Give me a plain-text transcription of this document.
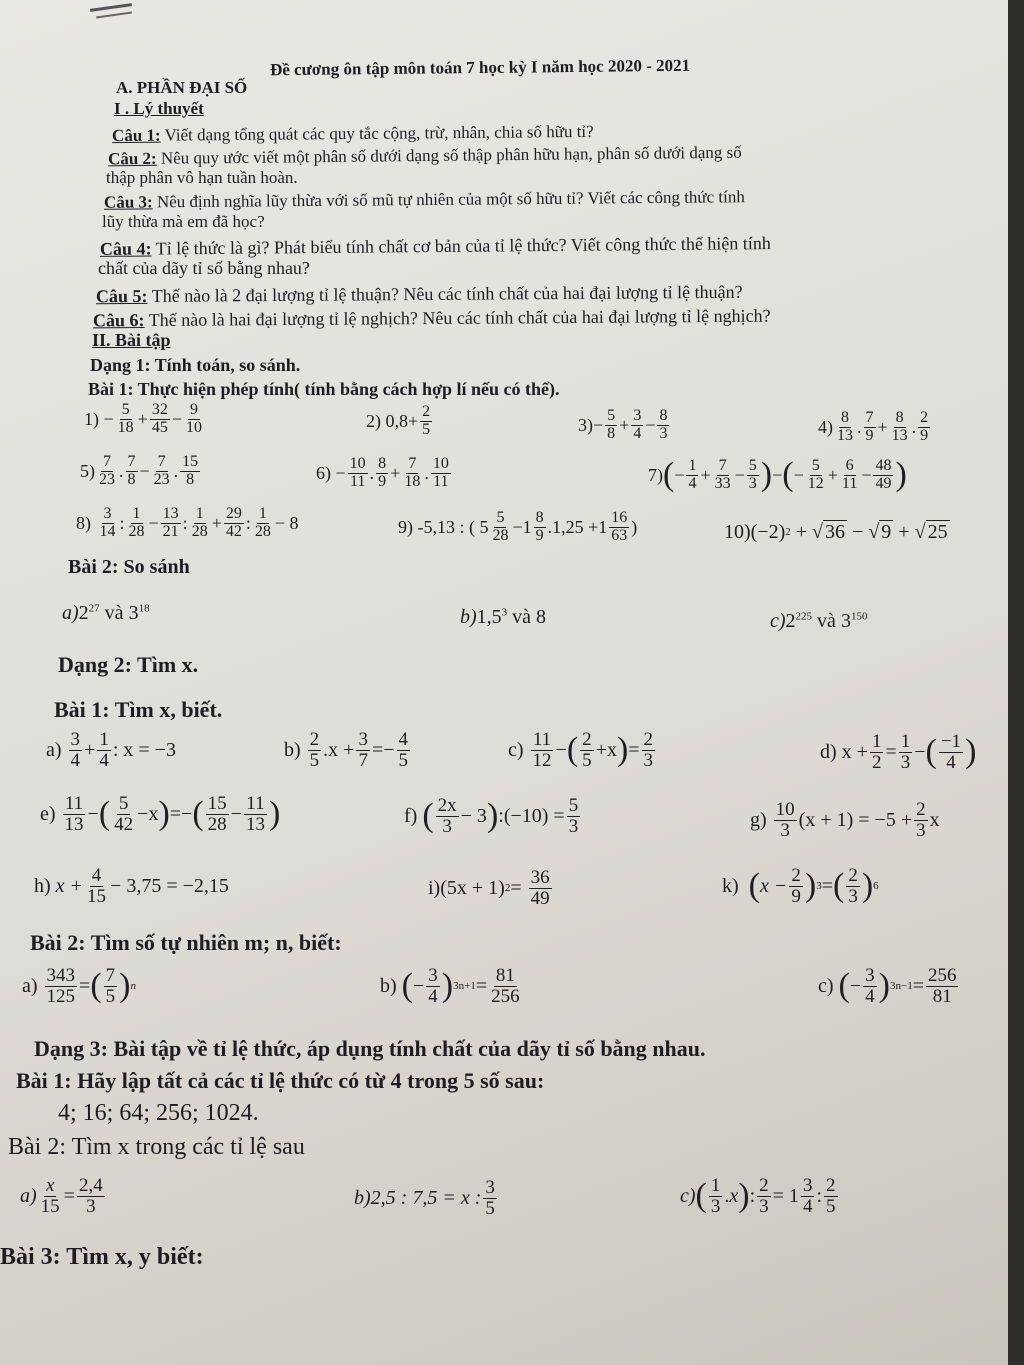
Đề cương ôn tập môn toán 7 học kỳ I năm học 2020 - 2021
A. PHẦN ĐẠI SỐ
I . Lý thuyết
Câu 1: Viết dạng tổng quát các quy tắc cộng, trừ, nhân, chia số hữu tỉ?
Câu 2: Nêu quy ước viết một phân số dưới dạng số thập phân hữu hạn, phân số dưới dạng số
thập phân vô hạn tuần hoàn.
Câu 3: Nêu định nghĩa lũy thừa với số mũ tự nhiên của một số hữu tỉ? Viết các công thức tính
lũy thừa mà em đã học?
Câu 4: Tỉ lệ thức là gì? Phát biểu tính chất cơ bản của tỉ lệ thức? Viết công thức thể hiện tính
chất của dãy tỉ số bằng nhau?
Câu 5: Thế nào là 2 đại lượng tỉ lệ thuận? Nêu các tính chất của hai đại lượng tỉ lệ thuận?
Câu 6: Thế nào là hai đại lượng tỉ lệ nghịch? Nêu các tính chất của hai đại lượng tỉ lệ nghịch?
II. Bài tập
Dạng 1: Tính toán, so sánh.
Bài 1: Thực hiện phép tính( tính bằng cách hợp lí nếu có thể).
1)
− $\frac{5}{18} + \frac{32}{45} - \frac{9}{10}$	2)
$0,8 + \frac{2}{5}$	$3) - \frac{5}{8} + \frac{3}{4} - \frac{8}{3}$	$4) \frac{8}{13}$ . $\frac{7}{9} + \frac{8}{13}$ . $\frac{2}{9}$
$5) \frac{7}{23}$ . $\frac{7}{8} - \frac{7}{23}$ . $\frac{15}{8}$	6)
− $\frac{10}{11}$ . $\frac{8}{9} + \frac{7}{18}$ . $\frac{10}{11}$	7) ( − $\frac{1}{4} + \frac{7}{33} - \frac{5}{3}$ ) − ( − $\frac{5}{12} + \frac{6}{11} - \frac{48}{49}$ )
8)
$\frac{3}{14}$ : $\frac{1}{28} - \frac{13}{21}$ : $\frac{1}{28} + \frac{29}{42}$ : $\frac{1}{28} - 8$	9) -5,13 : (
$5 \frac{5}{28} -1 \frac{8}{9} .1,25 +1 \frac{16}{63}$ )	10)(−2) 2
+
√ 36
−
√ 9
+
√ 25
Bài 2: So sánh
$a)2^{27}$ và $3^{18}$	$b)1,5^3$ và 8	$c)2^{225}$ và $3^{150}$
Dạng 2: Tìm x.
Bài 1: Tìm x, biết.
a)
$\frac{3}{4} + \frac{1}{4}$ : x
= −3	b)
$\frac{2}{5} .x + \frac{3}{7}$ = − $\frac{4}{5}$	c)
$\frac{11}{12}$ − ( $\frac{2}{5} + x$ ) = $\frac{2}{3}$	d)
$x + \frac{1}{2} = \frac{1}{3}$ − ( $\frac{-1}{4}$ )
e)
$\frac{11}{13}$ − ( $\frac{5}{42} - x$ ) = − ( $\frac{15}{28} - \frac{11}{13}$ )	f)
( $\frac{2x}{3} - 3$ ) :(−10) = $\frac{5}{3}$	g)
$\frac{10}{3} (x + 1) = -5 + \frac{2}{3}$ x
h)
$x + \frac{4}{15} - 3,75 = -2,15$	i) (5x + 1) 2 =
$\frac{36}{49}$	k)
( $x - \frac{2}{9}$ ) 3 = ( $\frac{2}{3}$ ) 6
Bài 2: Tìm số tự nhiên m; n, biết:
a)
$\frac{343}{125}$ = ( $\frac{7}{5}$ ) n	b)
( − $\frac{3}{4}$ ) $3n+1 = \frac{81}{256}$	c)
( − $\frac{3}{4}$ ) $3n-1 = \frac{256}{81}$
Dạng 3: Bài tập về tỉ lệ thức, áp dụng tính chất của dãy tỉ số bằng nhau.
Bài 1: Hãy lập tất cả các tỉ lệ thức có từ 4 trong 5 số sau:
4; 16; 64; 256; 1024.
Bài 2: Tìm x trong các tỉ lệ sau
$a) \frac{x}{15} = \frac{2,4}{3}$	b)2,5 : 7,5 = x : $\frac{3}{5}$	c) ( $\frac{1}{3}$ . x ) : $\frac{2}{3} = 1 \frac{3}{4}$ : $\frac{2}{5}$
Bài 3: Tìm x, y biết:
